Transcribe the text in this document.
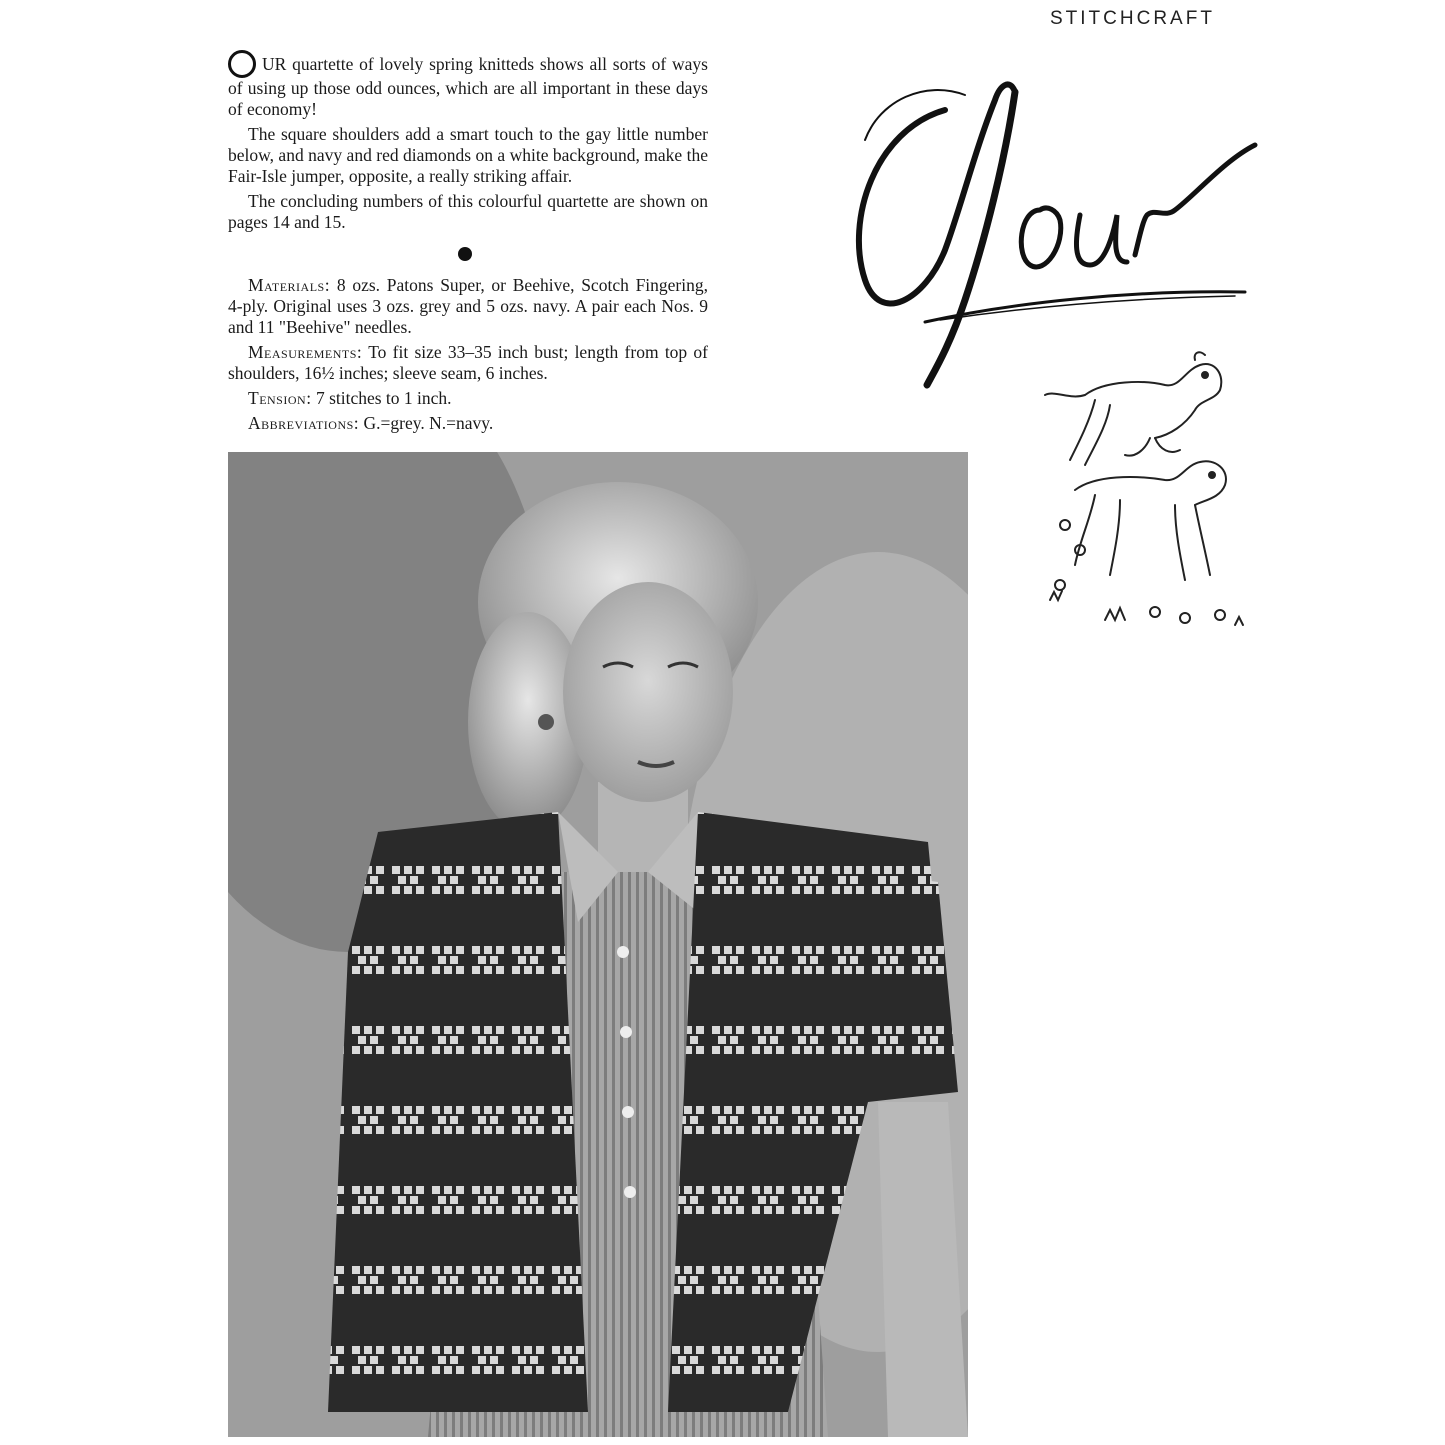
STITCHCRAFT

UR quartette of lovely spring knitteds shows all sorts of ways of using up those odd ounces, which are all important in these days of economy!

The square shoulders add a smart touch to the gay little number below, and navy and red diamonds on a white background, make the Fair-Isle jumper, opposite, a really striking affair.

The concluding numbers of this colourful quartette are shown on pages 14 and 15.

Materials: 8 ozs. Patons Super, or Beehive, Scotch Fingering, 4-ply. Original uses 3 ozs. grey and 5 ozs. navy. A pair each Nos. 9 and 11 "Beehive" needles.

Measurements: To fit size 33–35 inch bust; length from top of shoulders, 16½ inches; sleeve seam, 6 inches.

Tension: 7 stitches to 1 inch.

Abbreviations: G.=grey. N.=navy.
